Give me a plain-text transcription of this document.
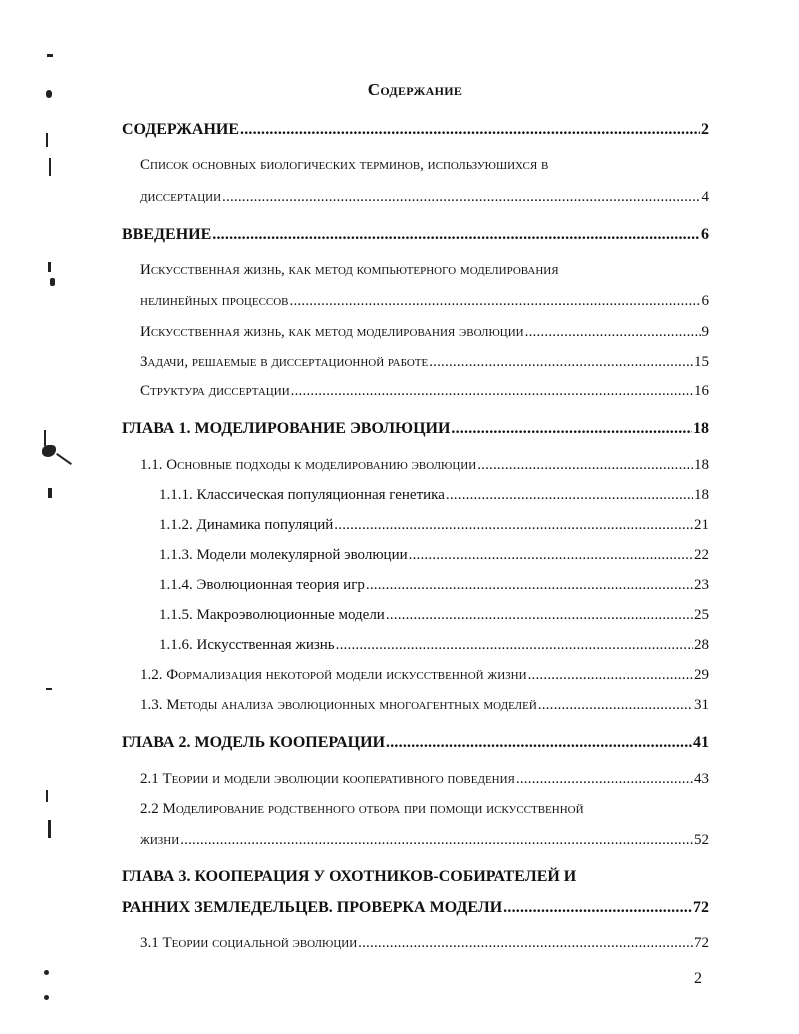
Содержание
СОДЕРЖАНИЕ .....	2
Список основных биологических терминов, используюшихся в
диссертации .....	4
ВВЕДЕНИЕ .....	6
Искусственная жизнь, как метод компьютерного моделирования
нелинейных процессов .....	6
Искусственная жизнь, как метод моделирования эволюции .....	9
Задачи, решаемые в диссертационной работе .....	15
Структура диссертации .....	16
ГЛАВА 1. МОДЕЛИРОВАНИЕ ЭВОЛЮЦИИ .....	18
1.1. Основные подходы к моделированию эволюции .....	18
1.1.1. Классическая популяционная генетика .....	18
1.1.2. Динамика популяций .....	21
1.1.3. Модели молекулярной эволюции .....	22
1.1.4. Эволюционная теория игр .....	23
1.1.5. Макроэволюционные модели .....	25
1.1.6. Искусственная жизнь .....	28
1.2. Формализация некоторой модели искусственной жизни .....	29
1.3. Методы анализа эволюционных многоагентных моделей .....	31
ГЛАВА 2. МОДЕЛЬ КООПЕРАЦИИ .....	41
2.1 Теории и модели эволюции кооперативного поведения .....	43
2.2 Моделирование родственного отбора при помощи искусственной
жизни .....	52
ГЛАВА 3. КООПЕРАЦИЯ У ОХОТНИКОВ-СОБИРАТЕЛЕЙ И
РАННИХ ЗЕМЛЕДЕЛЬЦЕВ. ПРОВЕРКА МОДЕЛИ .....	72
3.1 Теории социальной эволюции .....	72
2
